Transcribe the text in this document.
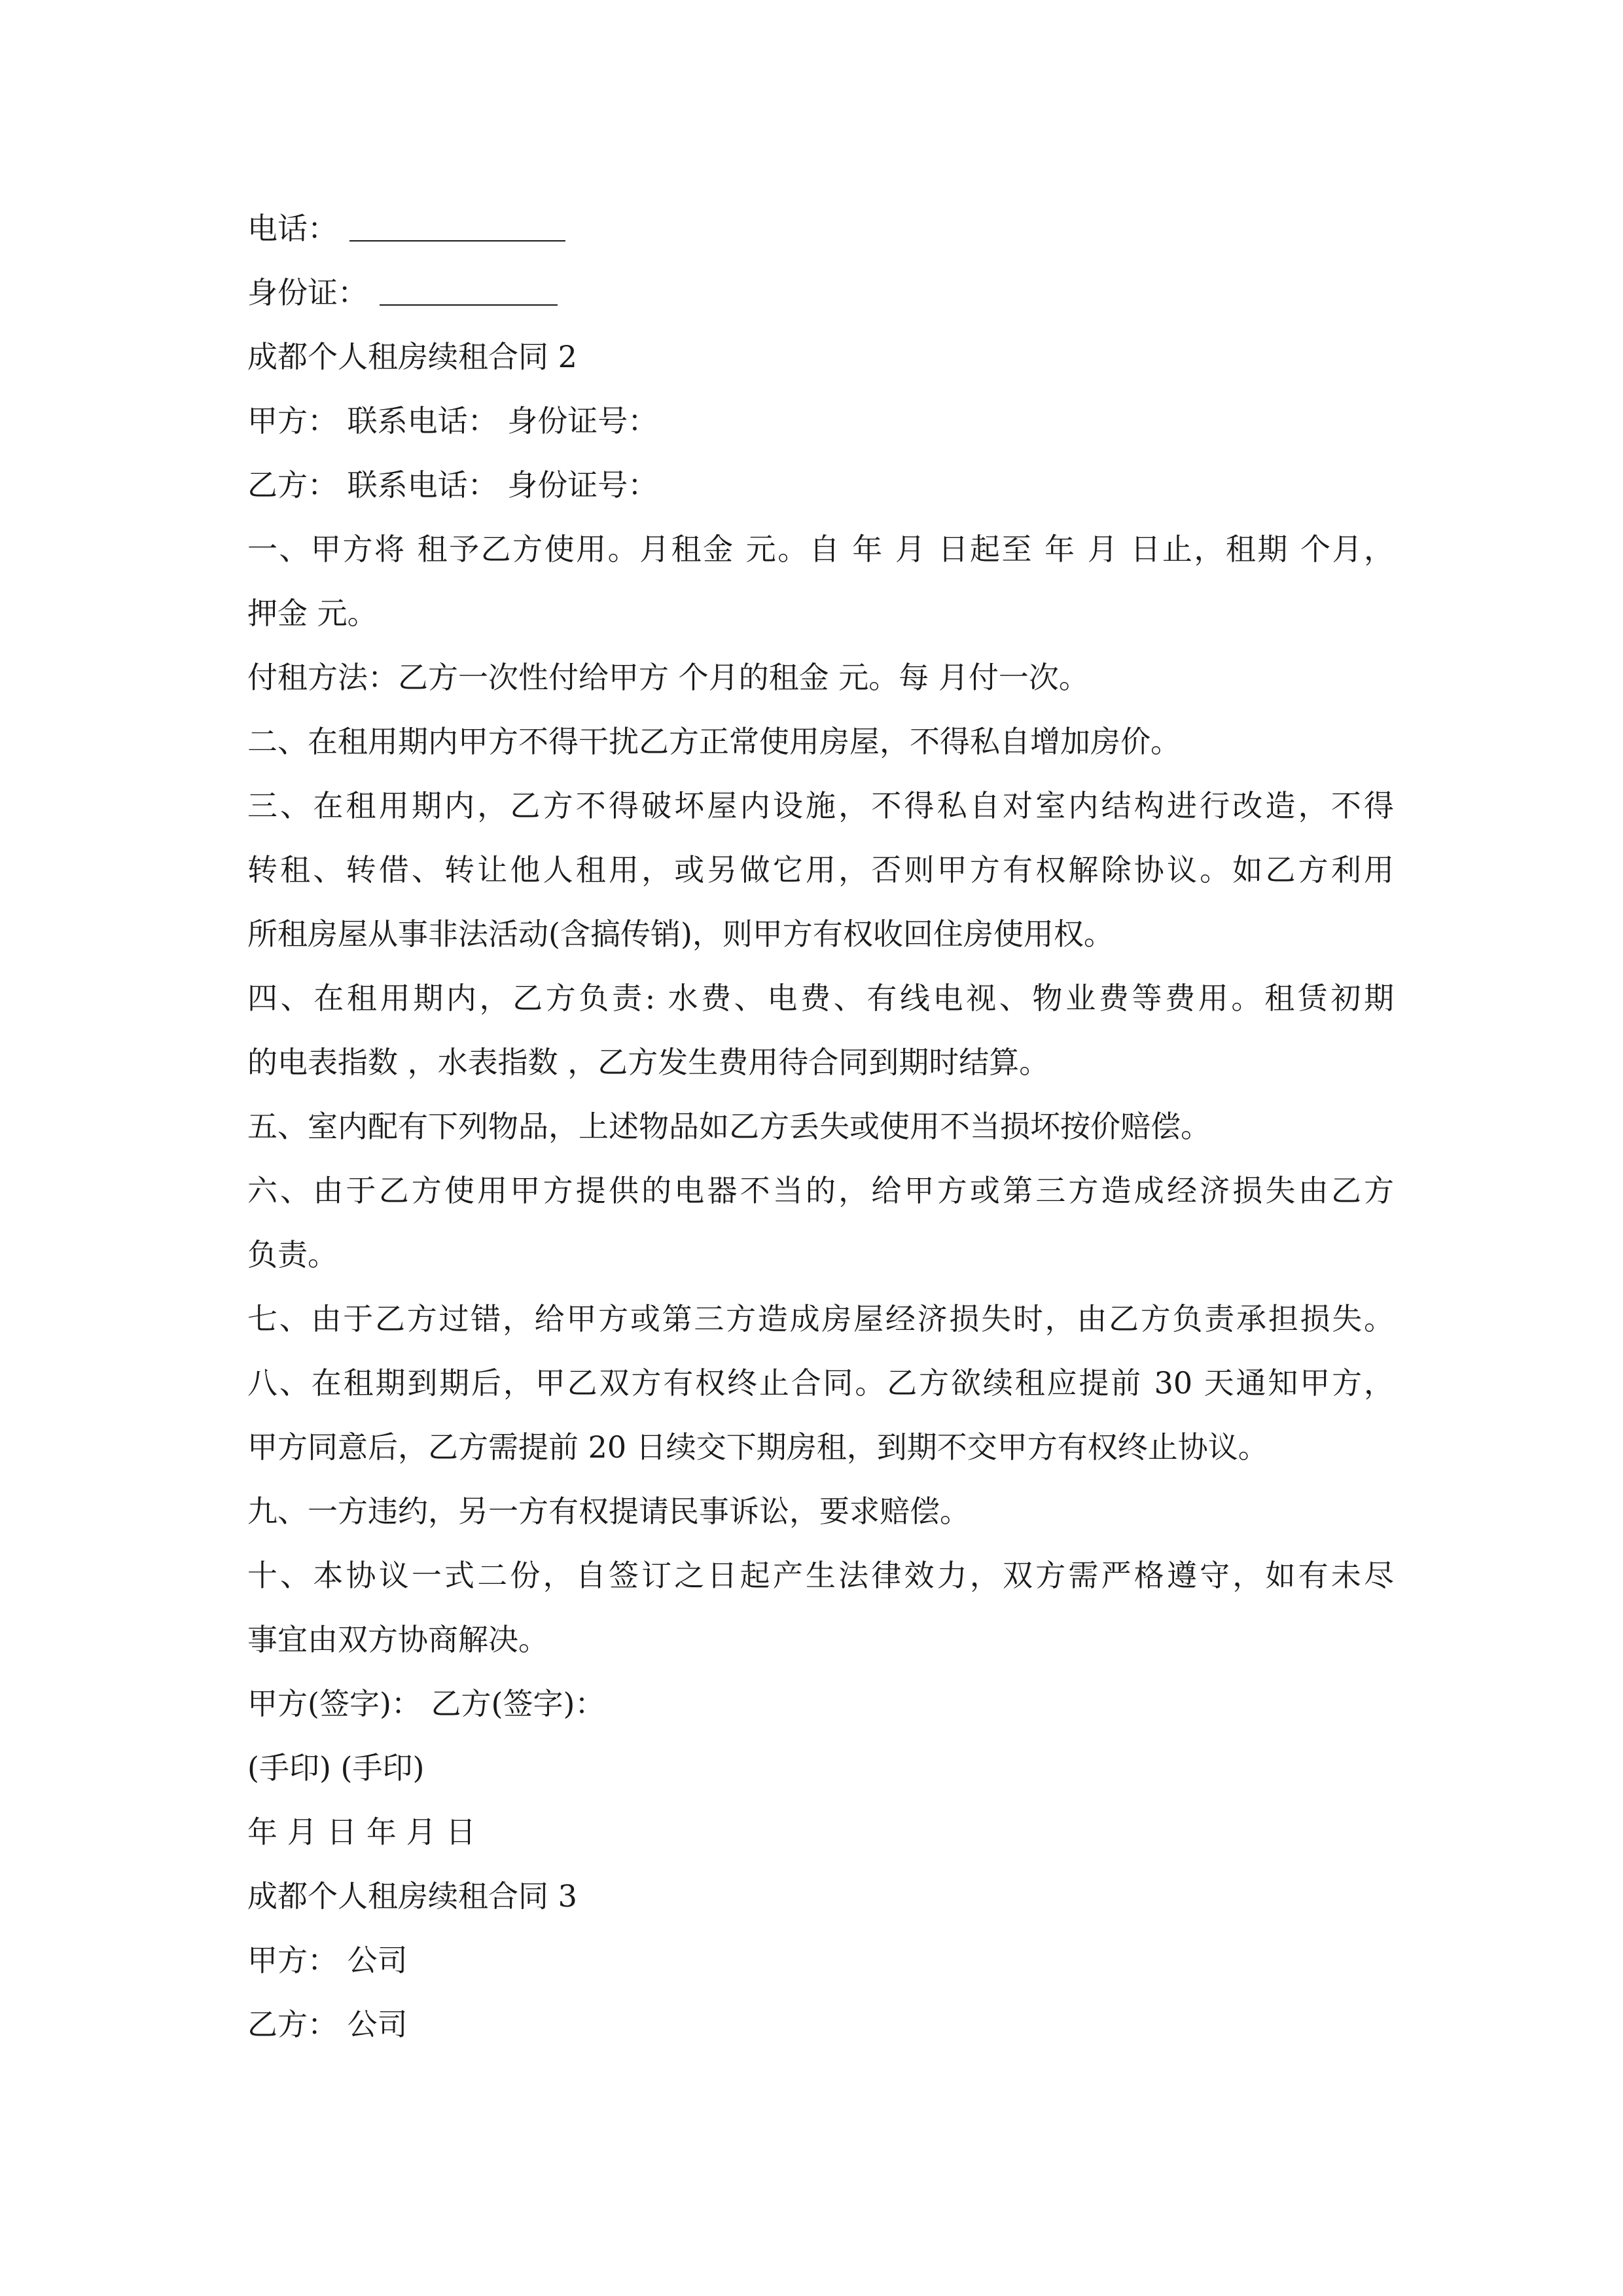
电话：
身份证：
成都个人租房续租合同 2
甲方： 联系电话： 身份证号：
乙方： 联系电话： 身份证号：
一、甲方将 租予乙方使用。月租金 元。自 年 月 日起至 年 月 日止，租期 个月，
押金 元。
付租方法：乙方一次性付给甲方 个月的租金 元。每 月付一次。
二、在租用期内甲方不得干扰乙方正常使用房屋，不得私自增加房价。
三、在租用期内，乙方不得破坏屋内设施，不得私自对室内结构进行改造，不得
转租、转借、转让他人租用，或另做它用，否则甲方有权解除协议。如乙方利用
所租房屋从事非法活动(含搞传销)，则甲方有权收回住房使用权。
四、在租用期内，乙方负责: 水费、电费、有线电视、物业费等费用。租赁初期
的电表指数 ，水表指数 ，乙方发生费用待合同到期时结算。
五、室内配有下列物品，上述物品如乙方丢失或使用不当损坏按价赔偿。
六、由于乙方使用甲方提供的电器不当的，给甲方或第三方造成经济损失由乙方
负责。
七、由于乙方过错，给甲方或第三方造成房屋经济损失时，由乙方负责承担损失。
八、在租期到期后，甲乙双方有权终止合同。乙方欲续租应提前 30 天通知甲方，
甲方同意后，乙方需提前 20 日续交下期房租，到期不交甲方有权终止协议。
九、一方违约，另一方有权提请民事诉讼，要求赔偿。
十、本协议一式二份，自签订之日起产生法律效力，双方需严格遵守，如有未尽
事宜由双方协商解决。
甲方(签字)： 乙方(签字)：
(手印) (手印)
年 月 日 年 月 日
成都个人租房续租合同 3
甲方： 公司
乙方： 公司
